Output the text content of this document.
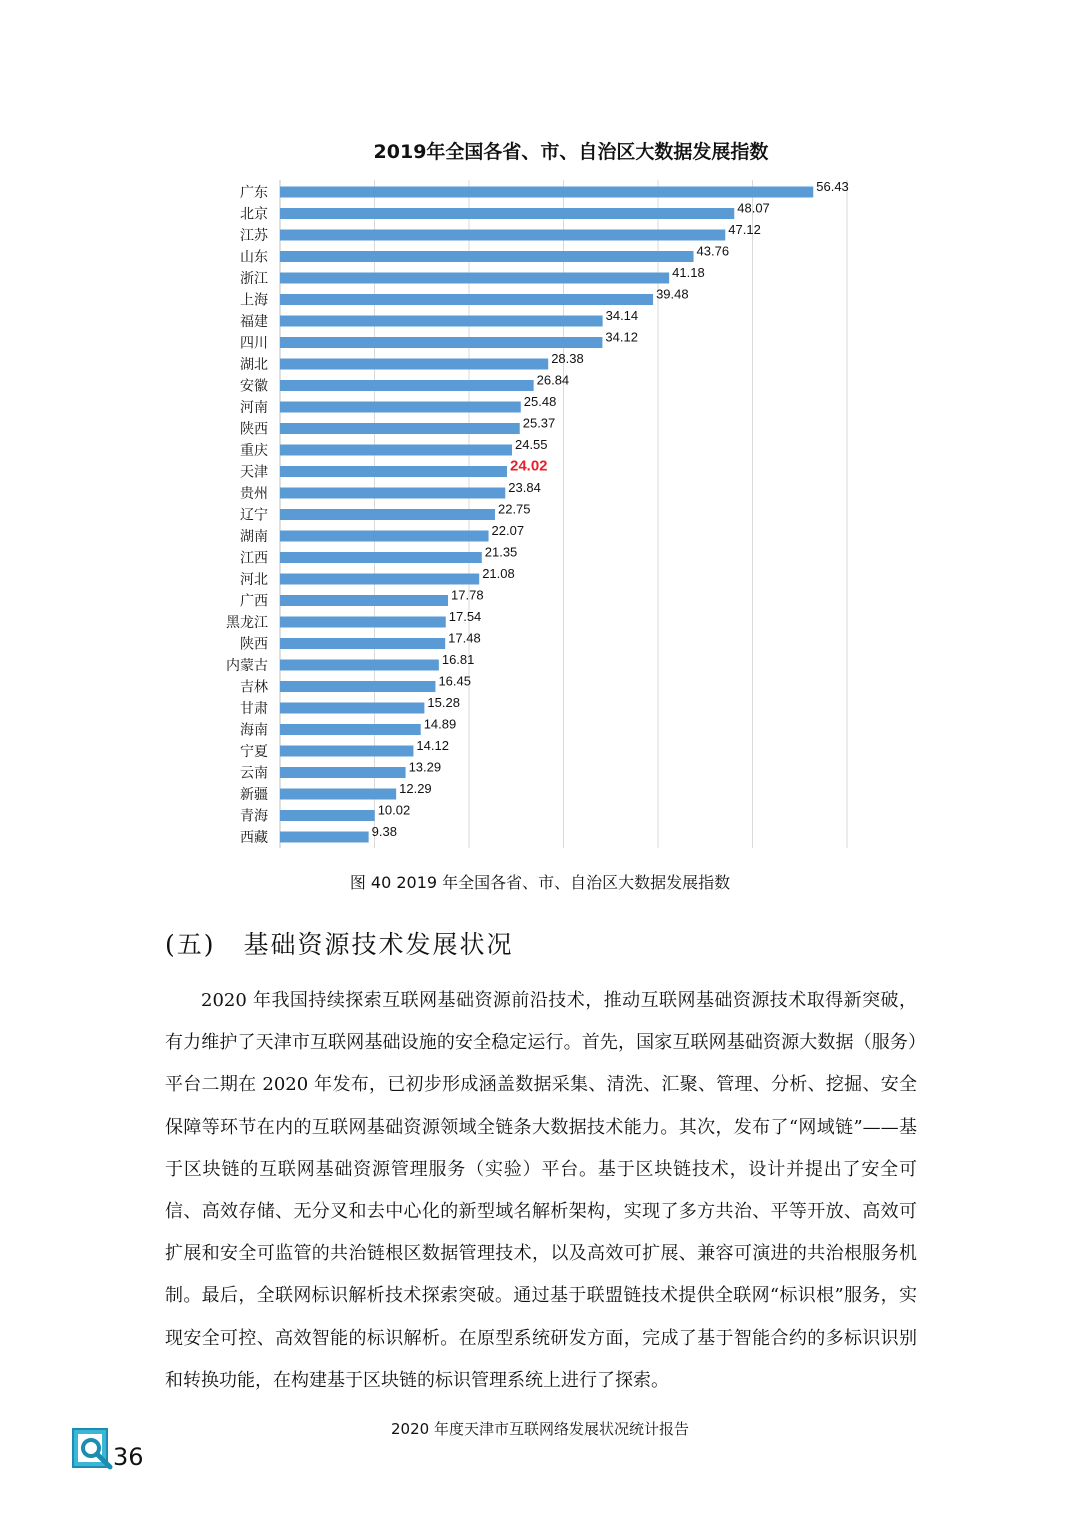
2019年全国各省、市、自治区大数据发展指数
广东	56.43
北京	48.07
江苏	47.12
山东	43.76
浙江	41.18
上海	39.48
福建	34.14
四川	34.12
湖北	28.38
安徽	26.84
河南	25.48
陕西	25.37
重庆	24.55
天津	24.02
贵州	23.84
辽宁	22.75
湖南	22.07
江西	21.35
河北	21.08
广西	17.78
黑龙江	17.54
陕西	17.48
内蒙古	16.81
吉林	16.45
甘肃	15.28
海南	14.89
宁夏	14.12
云南	13.29
新疆	12.29
青海	10.02
西藏	9.38
图 40 2019 年全国各省、市、自治区大数据发展指数
(五) 基础资源技术发展状况

2020 年我国持续探索互联网基础资源前沿技术，推动互联网基础资源技术取得新突破，有力维护了天津市互联网基础设施的安全稳定运行。首先，国家互联网基础资源大数据（服务）平台二期在 2020 年发布，已初步形成涵盖数据采集、清洗、汇聚、管理、分析、挖掘、安全保障等环节在内的互联网基础资源领域全链条大数据技术能力。其次，发布了“网域链”——基于区块链的互联网基础资源管理服务（实验）平台。基于区块链技术，设计并提出了安全可信、高效存储、无分叉和去中心化的新型域名解析架构，实现了多方共治、平等开放、高效可扩展和安全可监管的共治链根区数据管理技术，以及高效可扩展、兼容可演进的共治根服务机制。最后，全联网标识解析技术探索突破。通过基于联盟链技术提供全联网“标识根”服务，实现安全可控、高效智能的标识解析。在原型系统研发方面，完成了基于智能合约的多标识识别和转换功能，在构建基于区块链的标识管理系统上进行了探索。

2020 年度天津市互联网络发展状况统计报告
36
